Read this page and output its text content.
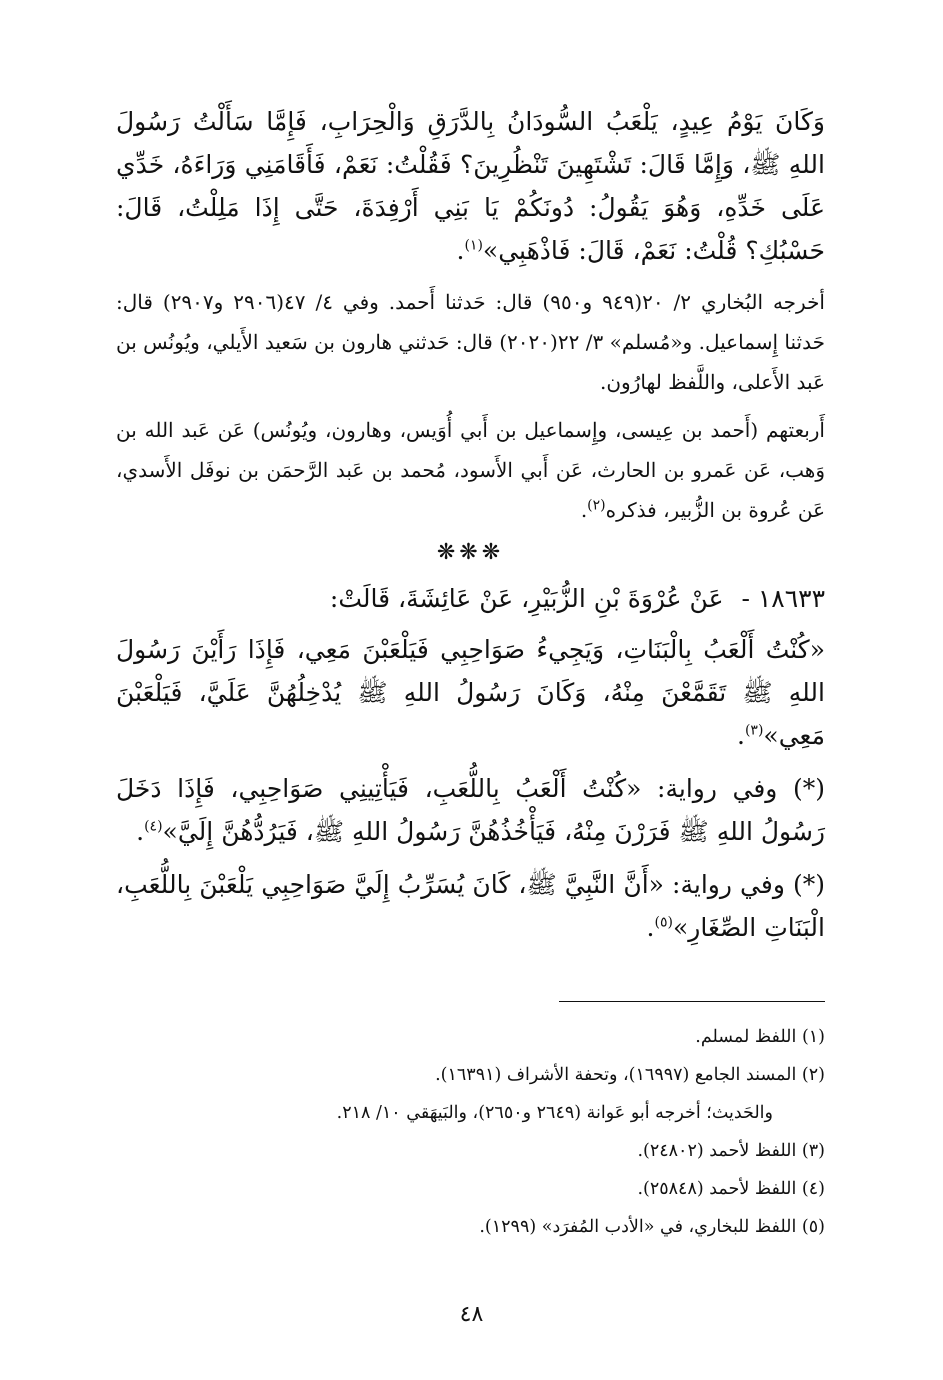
وَكَانَ يَوْمُ عِيدٍ، يَلْعَبُ السُّودَانُ بِالدَّرَقِ وَالْحِرَابِ، فَإِمَّا سَأَلْتُ رَسُولَ اللهِ ﷺ، وَإِمَّا قَالَ: تَشْتَهِينَ تَنْظُرِينَ؟ فَقُلْتُ: نَعَمْ، فَأَقَامَنِي وَرَاءَهُ، خَدِّي عَلَى خَدِّهِ، وَهُوَ يَقُولُ: دُونَكُمْ يَا بَنِي أَرْفِدَةَ، حَتَّى إِذَا مَلِلْتُ، قَالَ: حَسْبُكِ؟ قُلْتُ: نَعَمْ، قَالَ: فَاذْهَبِي»$^{(١)}$.

أخرجه البُخاري ٢/ ٢٠(٩٤٩ و٩٥٠) قال: حَدثنا أَحمد. وفي ٤/ ٤٧(٢٩٠٦ و٢٩٠٧) قال: حَدثنا إِسماعيل. و«مُسلم» ٣/ ٢٢(٢٠٢٠) قال: حَدثني هارون بن سَعيد الأَيلي، ويُونُس بن عَبد الأَعلى، واللَّفظ لهارُون.

أَربعتهم (أَحمد بن عِيسى، وإِسماعيل بن أَبي أُوَيس، وهارون، ويُونُس) عَن عَبد الله بن وَهب، عَن عَمرو بن الحارث، عَن أَبي الأَسود، مُحمد بن عَبد الرَّحمَن بن نوفَل الأَسدي، عَن عُروة بن الزُّبير، فذكره$^{(٢)}$.

❋❋❋

١٨٦٣٣ - عَنْ عُرْوَةَ بْنِ الزُّبَيْرِ، عَنْ عَائِشَةَ، قَالَتْ:

«كُنْتُ أَلْعَبُ بِالْبَنَاتِ، وَيَجِيءُ صَوَاحِبِي فَيَلْعَبْنَ مَعِي، فَإِذَا رَأَيْنَ رَسُولَ اللهِ ﷺ تَقَمَّعْنَ مِنْهُ، وَكَانَ رَسُولُ اللهِ ﷺ يُدْخِلُهُنَّ عَلَيَّ، فَيَلْعَبْنَ مَعِي»$^{(٣)}$.

(*) وفي رواية: «كُنْتُ أَلْعَبُ بِاللُّعَبِ، فَيَأْتِينِي صَوَاحِبِي، فَإِذَا دَخَلَ رَسُولُ اللهِ ﷺ فَرَرْنَ مِنْهُ، فَيَأْخُذُهُنَّ رَسُولُ اللهِ ﷺ، فَيَرُدُّهُنَّ إِلَيَّ»$^{(٤)}$.

(*) وفي رواية: «أَنَّ النَّبِيَّ ﷺ، كَانَ يُسَرِّبُ إِلَيَّ صَوَاحِبِي يَلْعَبْنَ بِاللُّعَبِ، الْبَنَاتِ الصِّغَارِ»$^{(٥)}$.

(١) اللفظ لمسلم.
(٢) المسند الجامع (١٦٩٩٧)، وتحفة الأشراف (١٦٣٩١).
والحَديث؛ أخرجه أبو عَوانة (٢٦٤٩ و٢٦٥٠)، والبَيهَقي ١٠/ ٢١٨.
(٣) اللفظ لأحمد (٢٤٨٠٢).
(٤) اللفظ لأحمد (٢٥٨٤٨).
(٥) اللفظ للبخاري، في «الأدب المُفرَد» (١٢٩٩).
٤٨
